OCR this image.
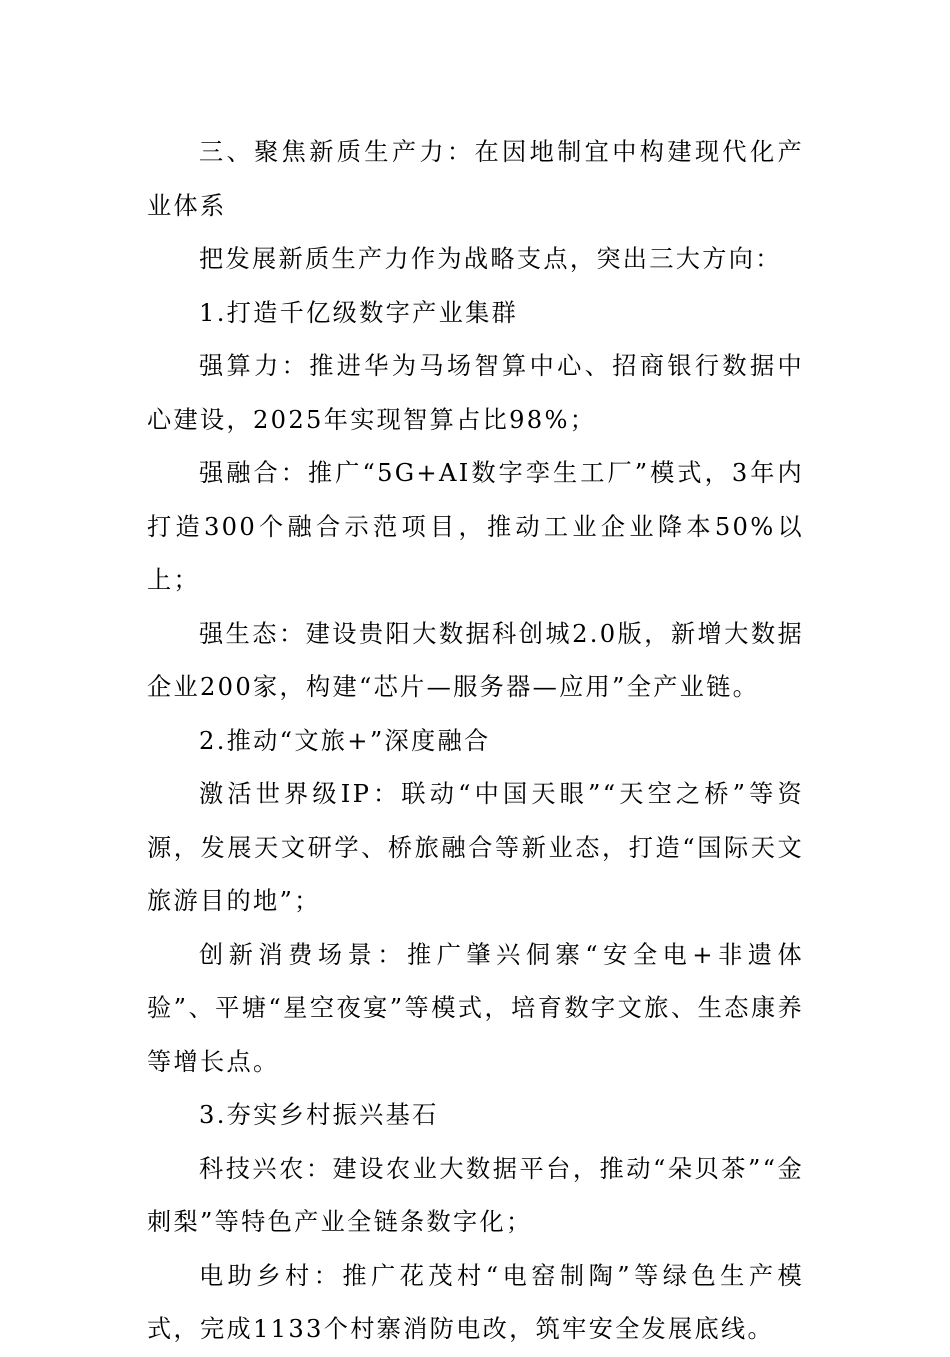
三、聚焦新质生产力：在因地制宜中构建现代化产业体系

把发展新质生产力作为战略支点，突出三大方向：

1.打造千亿级数字产业集群

强算力：推进华为马场智算中心、招商银行数据中心建设，2025年实现智算占比98%；

强融合：推广“5G+AI数字孪生工厂”模式，3年内打造300个融合示范项目，推动工业企业降本50%以上；

强生态：建设贵阳大数据科创城2.0版，新增大数据企业200家，构建“芯片—服务器—应用”全产业链。

2.推动“文旅+”深度融合

激活世界级IP：联动“中国天眼”“天空之桥”等资源，发展天文研学、桥旅融合等新业态，打造“国际天文旅游目的地”；

创新消费场景：推广肇兴侗寨“安全电+非遗体验”、平塘“星空夜宴”等模式，培育数字文旅、生态康养等增长点。

3.夯实乡村振兴基石

科技兴农：建设农业大数据平台，推动“朵贝茶”“金刺梨”等特色产业全链条数字化；

电助乡村：推广花茂村“电窑制陶”等绿色生产模式，完成1133个村寨消防电改，筑牢安全发展底线。
